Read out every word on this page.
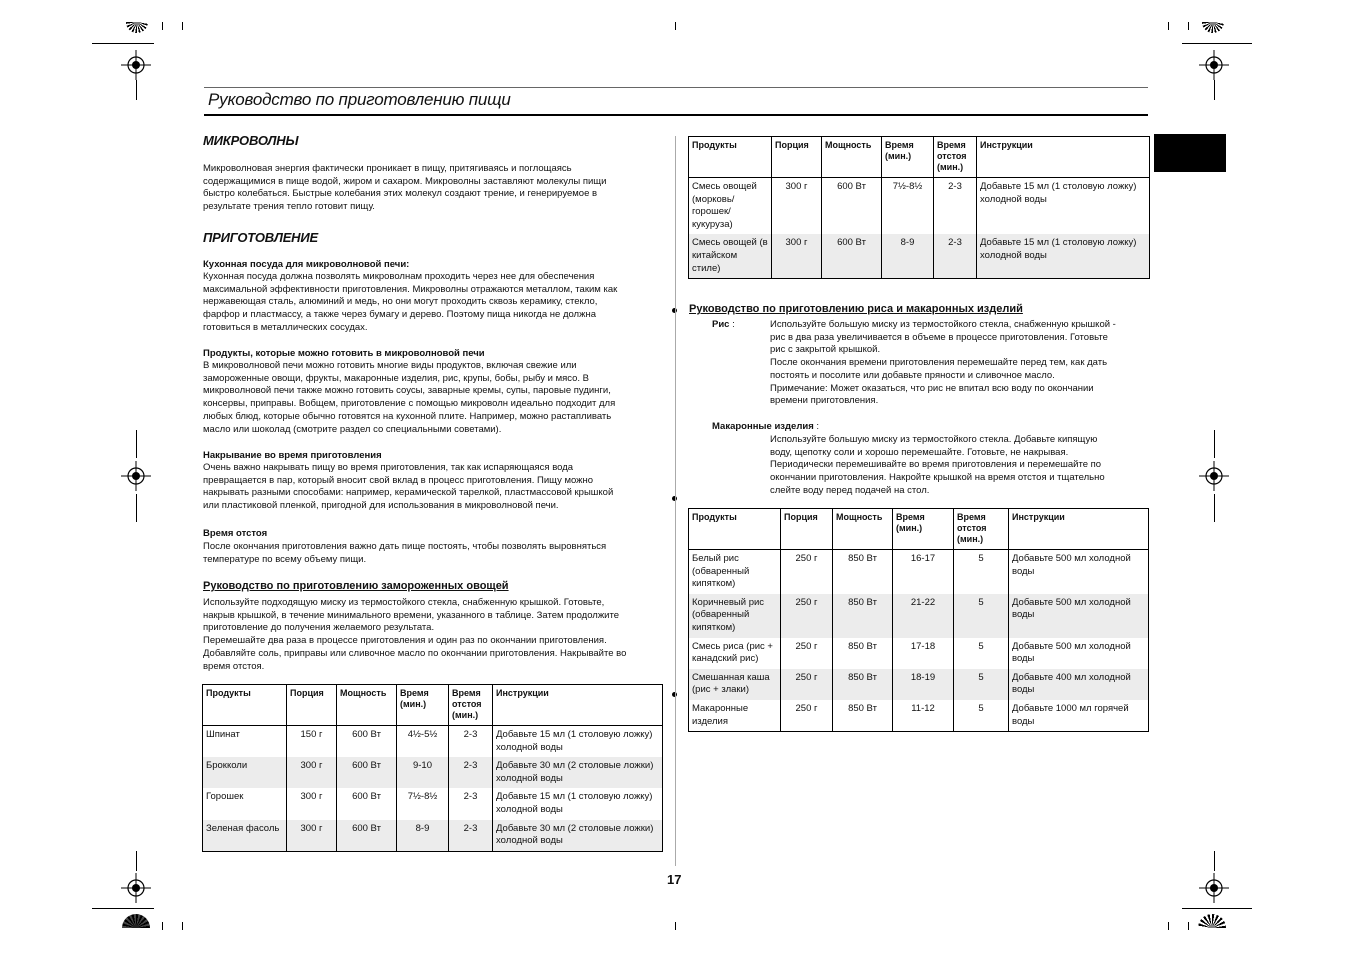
Руководство по приготовлению пищи
МИКРОВОЛНЫ

Микроволновая энергия фактически проникает в пищу, притягиваясь и поглощаясь
содержащимися в пище водой, жиром и сахаром. Микроволны заставляют молекулы пищи
быстро колебаться. Быстрые колебания этих молекул создают трение, и генерируемое в
результате трения тепло готовит пищу.

ПРИГОТОВЛЕНИЕ
Кухонная посуда для микроволновой печи:

Кухонная посуда должна позволять микроволнам проходить через нее для обеспечения
максимальной эффективности приготовления. Микроволны отражаются металлом, таким как
нержавеющая сталь, алюминий и медь, но они могут проходить сквозь керамику, стекло,
фарфор и пластмассу, а также через бумагу и дерево. Поэтому пища никогда не должна
готовиться в металлических сосудах.

Продукты, которые можно готовить в микроволновой печи

В микроволновой печи можно готовить многие виды продуктов, включая свежие или
замороженные овощи, фрукты, макаронные изделия, рис, крупы, бобы, рыбу и мясо. В
микроволновой печи также можно готовить соусы, заварные кремы, супы, паровые пудинги,
консервы, приправы. Вобщем, приготовление с помощью микроволн идеально подходит для
любых блюд, которые обычно готовятся на кухонной плите. Например, можно растапливать
масло или шоколад (смотрите раздел со специальными советами).

Накрывание во время приготовления

Очень важно накрывать пищу во время приготовления, так как испаряющаяся вода
превращается в пар, который вносит свой вклад в процесс приготовления. Пищу можно
накрывать разными способами: например, керамической тарелкой, пластмассовой крышкой
или пластиковой пленкой, пригодной для использования в микроволновой печи.

Время отстоя

После окончания приготовления важно дать пище постоять, чтобы позволять выровняться
температуре по всему объему пищи.

Руководство по приготовлению замороженных овощей

Используйте подходящую миску из термостойкого стекла, снабженную крышкой. Готовьте,
накрыв крышкой, в течение минимального времени, указанного в таблице. Затем продолжите
приготовление до получения желаемого результата.
Перемешайте два раза в процессе приготовления и один раз по окончании приготовления.
Добавляйте соль, приправы или сливочное масло по окончании приготовления. Накрывайте во
время отстоя.

Продукты	Порция	Мощность	Время (мин.)	Время отстоя (мин.)	Инструкции
Шпинат	150 г	600 Вт	4½-5½	2-3	Добавьте 15 мл (1 столовую ложку) холодной воды
Брокколи	300 г	600 Вт	9-10	2-3	Добавьте 30 мл (2 столовые ложки) холодной воды
Горошек	300 г	600 Вт	7½-8½	2-3	Добавьте 15 мл (1 столовую ложку) холодной воды
Зеленая фасоль	300 г	600 Вт	8-9	2-3	Добавьте 30 мл (2 столовые ложки) холодной воды
Продукты	Порция	Мощность	Время (мин.)	Время отстоя (мин.)	Инструкции
Смесь овощей (морковь/ горошек/ кукуруза)	300 г	600 Вт	7½-8½	2-3	Добавьте 15 мл (1 столовую ложку) холодной воды
Смесь овощей (в китайском стиле)	300 г	600 Вт	8-9	2-3	Добавьте 15 мл (1 столовую ложку) холодной воды
Руководство по приготовлению риса и макаронных изделий
Рис :	Используйте большую миску из термостойкого стекла, снабженную крышкой -
рис в два раза увеличивается в объеме в процессе приготовления. Готовьте
рис с закрытой крышкой.
После окончания времени приготовления перемешайте перед тем, как дать
постоять и посолите или добавьте пряности и сливочное масло.
Примечание: Может оказаться, что рис не впитал всю воду по окончании
времени приготовления.

Макаронные изделия :

Используйте большую миску из термостойкого стекла. Добавьте кипящую
воду, щепотку соли и хорошо перемешайте. Готовьте, не накрывая.
Периодически перемешивайте во время приготовления и перемешайте по
окончании приготовления. Накройте крышкой на время отстоя и тщательно
слейте воду перед подачей на стол.

Продукты	Порция	Мощность	Время (мин.)	Время отстоя (мин.)	Инструкции
Белый рис (обваренный кипятком)	250 г	850 Вт	16-17	5	Добавьте 500 мл холодной воды
Коричневый рис (обваренный кипятком)	250 г	850 Вт	21-22	5	Добавьте 500 мл холодной воды
Смесь риса (рис + канадский рис)	250 г	850 Вт	17-18	5	Добавьте 500 мл холодной воды
Смешанная каша (рис + злаки)	250 г	850 Вт	18-19	5	Добавьте 400 мл холодной воды
Макаронные изделия	250 г	850 Вт	11-12	5	Добавьте 1000 мл горячей воды
17
